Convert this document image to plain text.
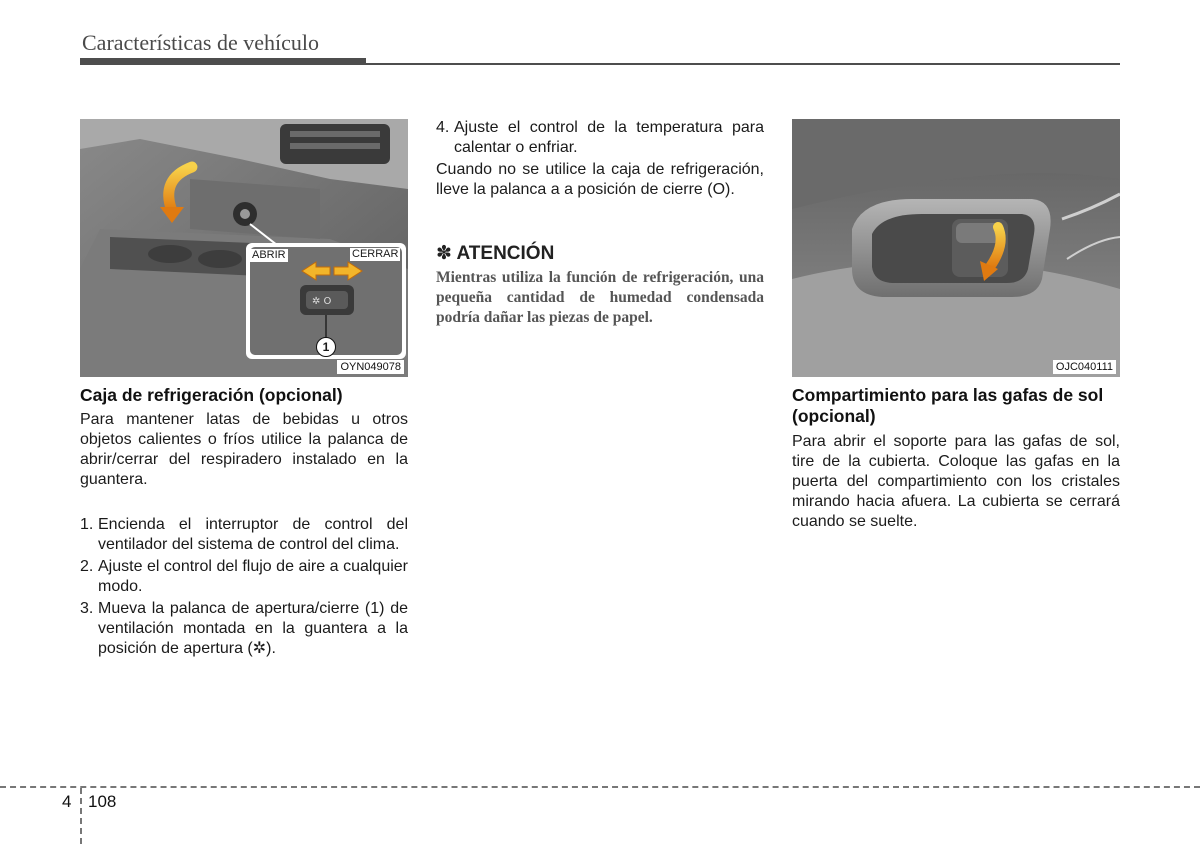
Características de vehículo
✲ O
ABRIR	CERRAR
1
OYN049078	OJC040111
Caja de refrigeración (opcional)
Para mantener latas de bebidas u otros objetos calientes o fríos utilice la palanca de abrir/cerrar del respiradero instalado en la guantera.
1. Encienda el interruptor de control del ventilador del sistema de control del clima.
2. Ajuste el control del flujo de aire a cualquier modo.
3. Mueva la palanca de apertura/cierre (1) de ventilación montada en la guantera a la posición de apertura (✲).
4. Ajuste el control de la temperatura para calentar o enfriar.
Cuando no se utilice la caja de refrigeración, lleve la palanca a a posición de cierre (O).
✽ ATENCIÓN
Mientras utiliza la función de refrigeración, una pequeña cantidad de humedad condensada podría dañar las piezas de papel.
Compartimiento para las gafas de sol (opcional)
Para abrir el soporte para las gafas de sol, tire de la cubierta. Coloque las gafas en la puerta del compartimiento con los cristales mirando hacia afuera. La cubierta se cerrará cuando se suelte.
4 108
